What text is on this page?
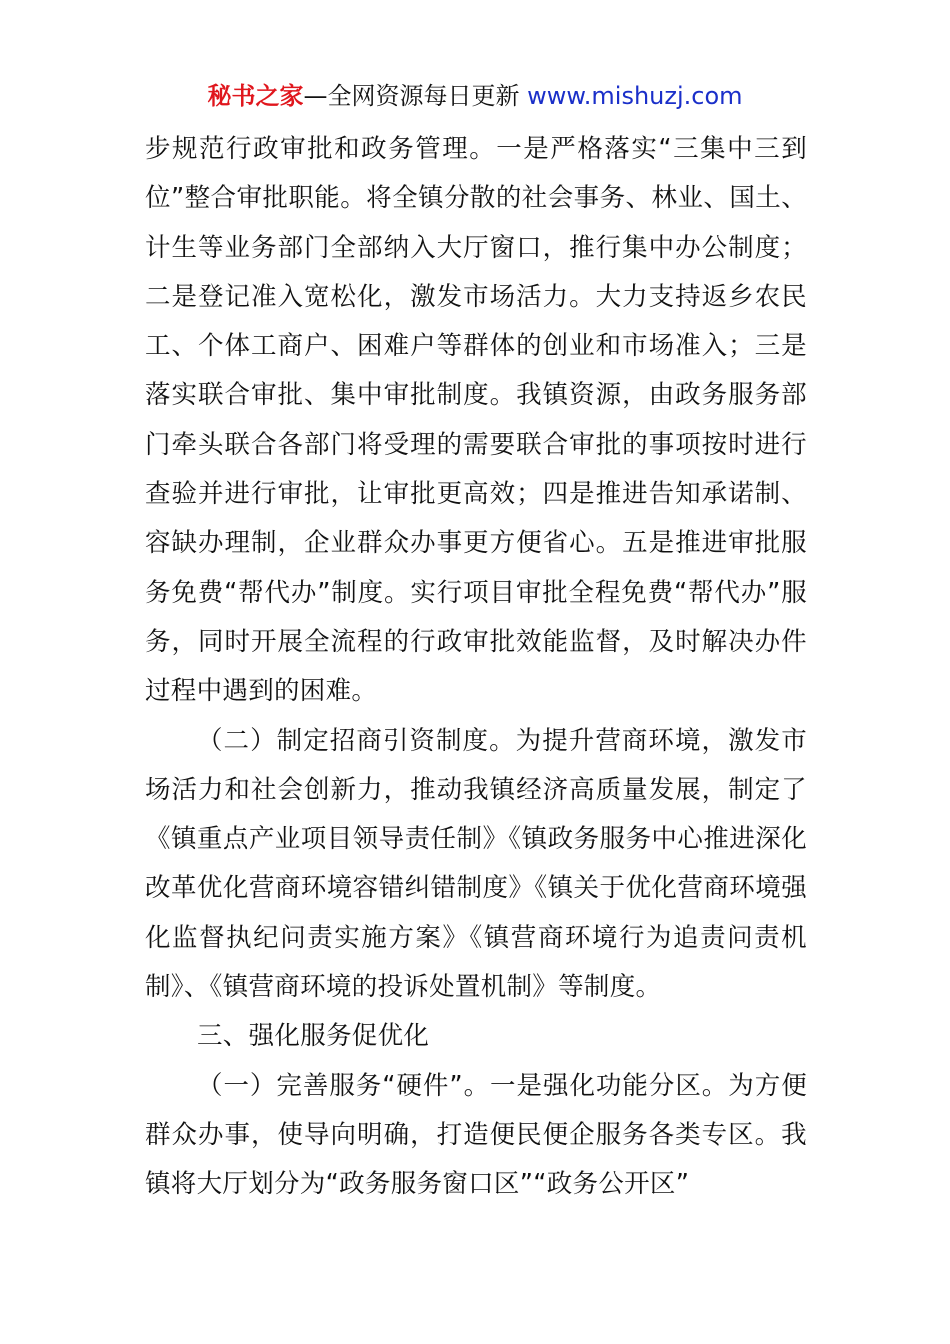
秘书之家—全网资源每日更新 www.mishuzj.com

步规范行政审批和政务管理。一是严格落实“三集中三到位”整合审批职能。将全镇分散的社会事务、林业、国土、计生等业务部门全部纳入大厅窗口，推行集中办公制度；二是登记准入宽松化，激发市场活力。大力支持返乡农民工、个体工商户、困难户等群体的创业和市场准入；三是落实联合审批、集中审批制度。我镇资源，由政务服务部门牵头联合各部门将受理的需要联合审批的事项按时进行查验并进行审批，让审批更高效；四是推进告知承诺制、容缺办理制，企业群众办事更方便省心。五是推进审批服务免费“帮代办”制度。实行项目审批全程免费“帮代办”服务，同时开展全流程的行政审批效能监督，及时解决办件过程中遇到的困难。

（二）制定招商引资制度。为提升营商环境，激发市场活力和社会创新力，推动我镇经济高质量发展，制定了《镇重点产业项目领导责任制》《镇政务服务中心推进深化改革优化营商环境容错纠错制度》《镇关于优化营商环境强化监督执纪问责实施方案》《镇营商环境行为追责问责机制》、《镇营商环境的投诉处置机制》等制度。

三、强化服务促优化

（一）完善服务“硬件”。一是强化功能分区。为方便群众办事，使导向明确，打造便民便企服务各类专区。我镇将大厅划分为“政务服务窗口区”“政务公开区”
